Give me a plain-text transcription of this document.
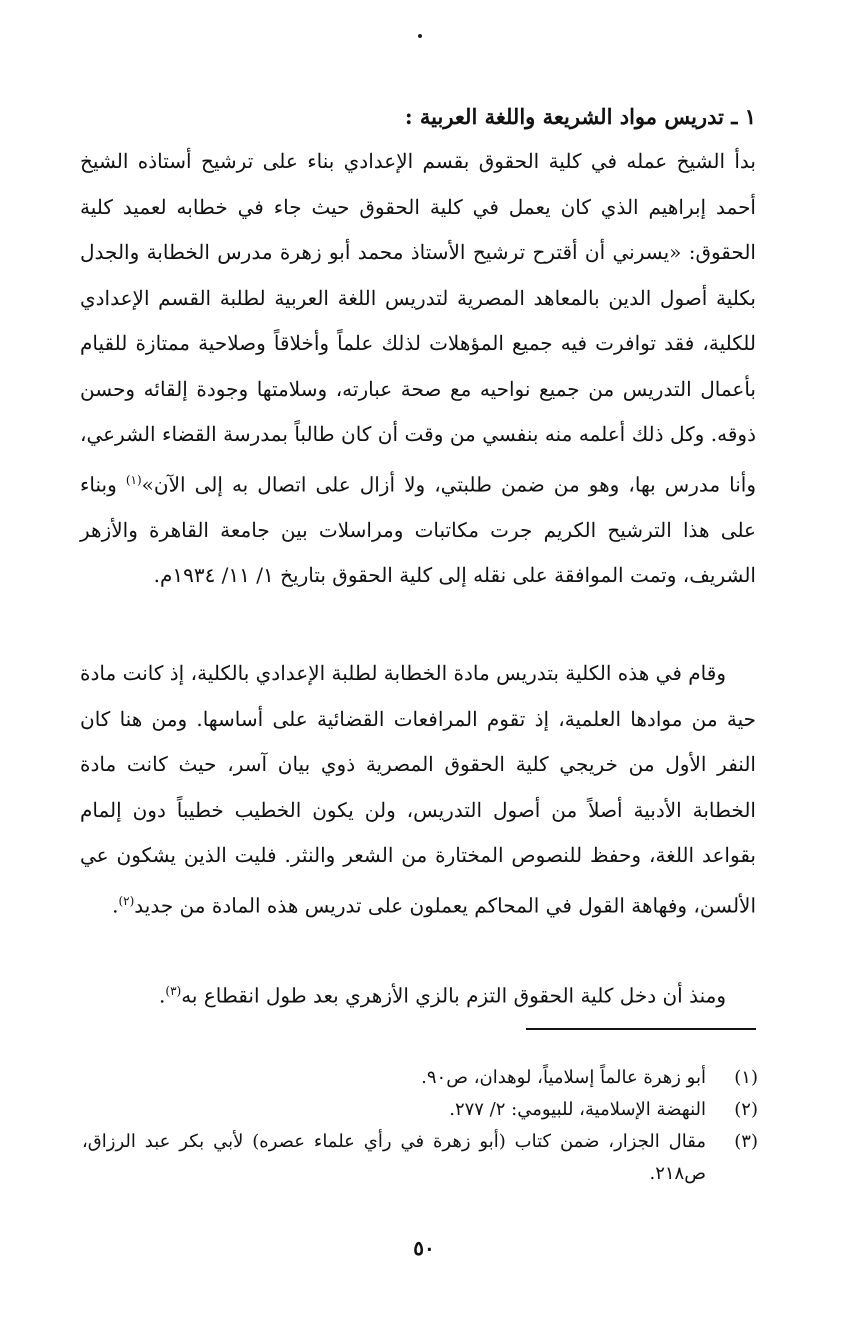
١ ـ تدريس مواد الشريعة واللغة العربية :
بدأ الشيخ عمله في كلية الحقوق بقسم الإعدادي بناء على ترشيح أستاذه الشيخ أحمد إبراهيم الذي كان يعمل في كلية الحقوق حيث جاء في خطابه لعميد كلية الحقوق: «يسرني أن أقترح ترشيح الأستاذ محمد أبو زهرة مدرس الخطابة والجدل بكلية أصول الدين بالمعاهد المصرية لتدريس اللغة العربية لطلبة القسم الإعدادي للكلية، فقد توافرت فيه جميع المؤهلات لذلك علماً وأخلاقاً وصلاحية ممتازة للقيام بأعمال التدريس من جميع نواحيه مع صحة عبارته، وسلامتها وجودة إلقائه وحسن ذوقه. وكل ذلك أعلمه منه بنفسي من وقت أن كان طالباً بمدرسة القضاء الشرعي، وأنا مدرس بها، وهو من ضمن طلبتي، ولا أزال على اتصال به إلى الآن»$^{(١)}$ وبناء على هذا الترشيح الكريم جرت مكاتبات ومراسلات بين جامعة القاهرة والأزهر الشريف، وتمت الموافقة على نقله إلى كلية الحقوق بتاريخ ١/ ١١/ ١٩٣٤م.
وقام في هذه الكلية بتدريس مادة الخطابة لطلبة الإعدادي بالكلية، إذ كانت مادة حية من موادها العلمية، إذ تقوم المرافعات القضائية على أساسها. ومن هنا كان النفر الأول من خريجي كلية الحقوق المصرية ذوي بيان آسر، حيث كانت مادة الخطابة الأدبية أصلاً من أصول التدريس، ولن يكون الخطيب خطيباً دون إلمام بقواعد اللغة، وحفظ للنصوص المختارة من الشعر والنثر. فليت الذين يشكون عي الألسن، وفهاهة القول في المحاكم يعملون على تدريس هذه المادة من جديد$^{(٢)}$.
ومنذ أن دخل كلية الحقوق التزم بالزي الأزهري بعد طول انقطاع به$^{(٣)}$.
(١)
أبو زهرة عالماً إسلامياً، لوهدان، ص٩٠.
(٢)
النهضة الإسلامية، للبيومي: ٢/ ٢٧٧.
(٣)
مقال الجزار، ضمن كتاب (أبو زهرة في رأي علماء عصره) لأبي بكر عبد الرزاق، ص٢١٨.
٥٠
